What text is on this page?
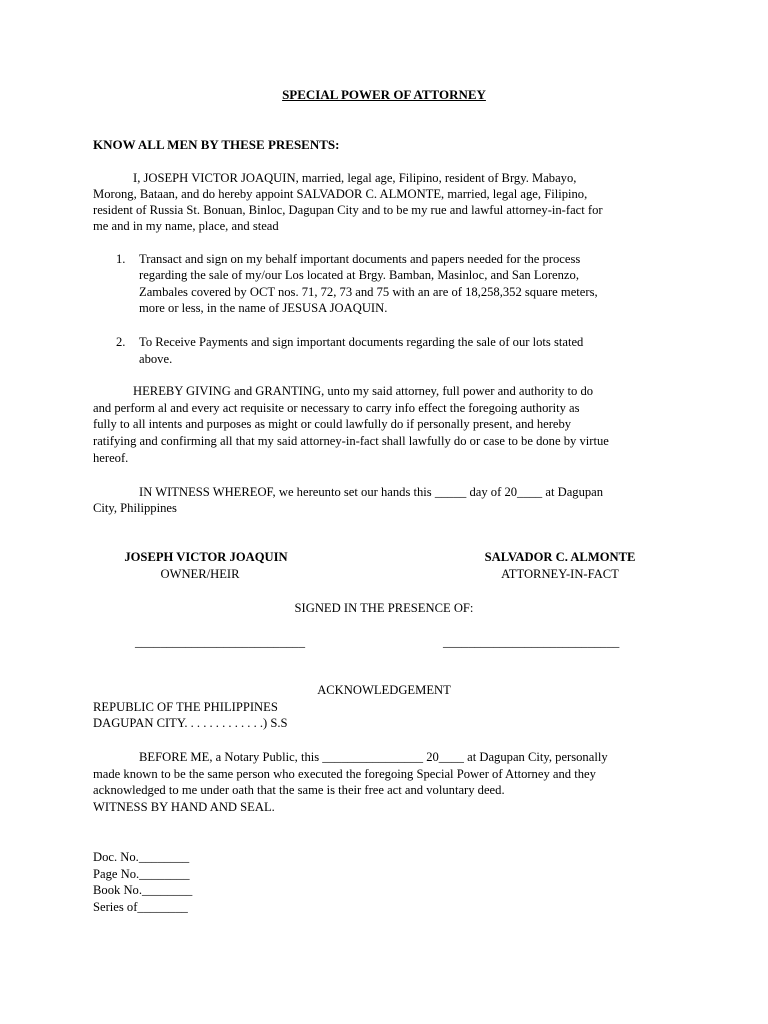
SPECIAL POWER OF ATTORNEY
KNOW ALL MEN BY THESE PRESENTS:
I, JOSEPH VICTOR JOAQUIN, married, legal age, Filipino, resident of Brgy. Mabayo,
Morong, Bataan, and do hereby appoint SALVADOR C. ALMONTE, married, legal age, Filipino,
resident of Russia St. Bonuan, Binloc, Dagupan City and to be my rue and lawful attorney-in-fact for
me and in my name, place, and stead
1. Transact and sign on my behalf important documents and papers needed for the process
regarding the sale of my/our Los located at Brgy. Bamban, Masinloc, and San Lorenzo,
Zambales covered by OCT nos. 71, 72, 73 and 75 with an are of 18,258,352 square meters,
more or less, in the name of JESUSA JOAQUIN.
2. To Receive Payments and sign important documents regarding the sale of our lots stated
above.
HEREBY GIVING and GRANTING, unto my said attorney, full power and authority to do
and perform al and every act requisite or necessary to carry info effect the foregoing authority as
fully to all intents and purposes as might or could lawfully do if personally present, and hereby
ratifying and confirming all that my said attorney-in-fact shall lawfully do or case to be done by virtue
hereof.
IN WITNESS WHEREOF, we hereunto set our hands this _____ day of 20____ at Dagupan
City, Philippines
JOSEPH VICTOR JOAQUIN
OWNER/HEIR
SALVADOR C. ALMONTE
ATTORNEY-IN-FACT
SIGNED IN THE PRESENCE OF:
___________________________	____________________________
ACKNOWLEDGEMENT
REPUBLIC OF THE PHILIPPINES
DAGUPAN CITY. . . . . . . . . . . . .) S.S
BEFORE ME, a Notary Public, this ________________ 20____ at Dagupan City, personally
made known to be the same person who executed the foregoing Special Power of Attorney and they
acknowledged to me under oath that the same is their free act and voluntary deed.
WITNESS BY HAND AND SEAL.
Doc. No.________
Page No.________
Book No.________
Series of________
